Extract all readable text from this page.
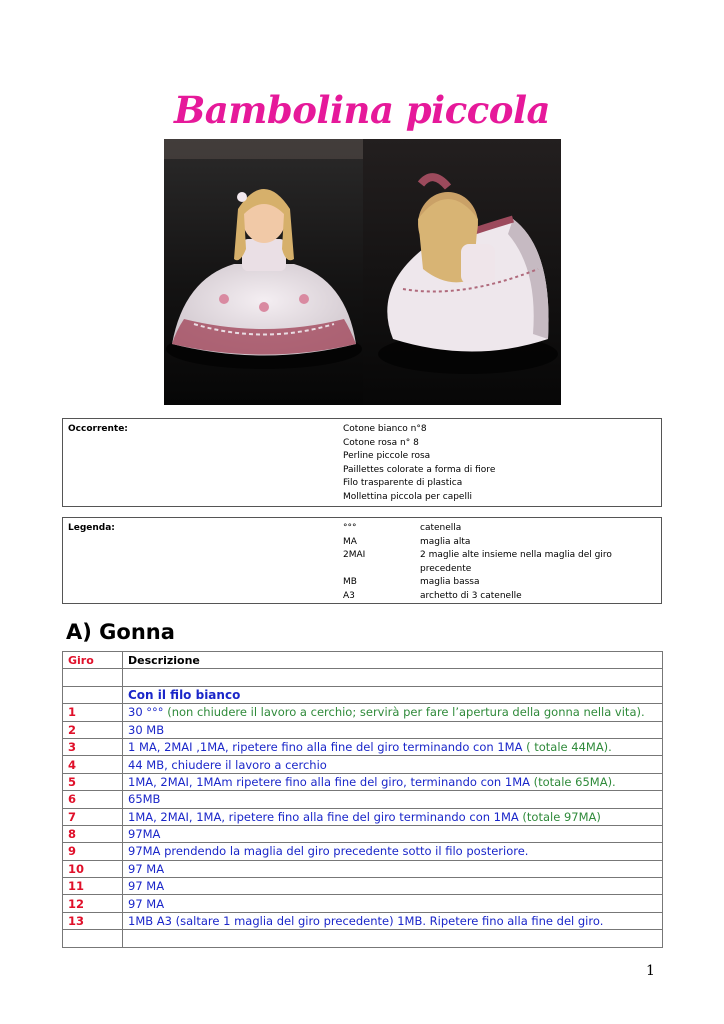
Bambolina piccola
Occorrente:	Cotone bianco n°8
Cotone rosa n° 8
Perline piccole rosa
Paillettes colorate a forma di fiore
Filo trasparente di plastica
Mollettina piccola per capelli
Legenda:	°°°	catenella
MA	maglia alta
2MAI	2 maglie alte insieme nella maglia del giro precedente
MB	maglia bassa
A3	archetto di 3 catenelle
A) Gonna
Giro	Descrizione

	Con il filo bianco
1	30 °°° (non chiudere il lavoro a cerchio; servirà per fare l’apertura della gonna nella vita).
2	30 MB
3	1 MA, 2MAI ,1MA, ripetere fino alla fine del giro terminando con 1MA ( totale 44MA).
4	44 MB, chiudere il lavoro a cerchio
5	1MA, 2MAI, 1MAm ripetere fino alla fine del giro, terminando con 1MA (totale 65MA).
6	65MB
7	1MA, 2MAI, 1MA, ripetere fino alla fine del giro terminando con 1MA (totale 97MA)
8	97MA
9	97MA prendendo la maglia del giro precedente sotto il filo posteriore.
10	97 MA
11	97 MA
12	97 MA
13	1MB A3 (saltare 1 maglia del giro precedente) 1MB. Ripetere fino alla fine del giro.

1
